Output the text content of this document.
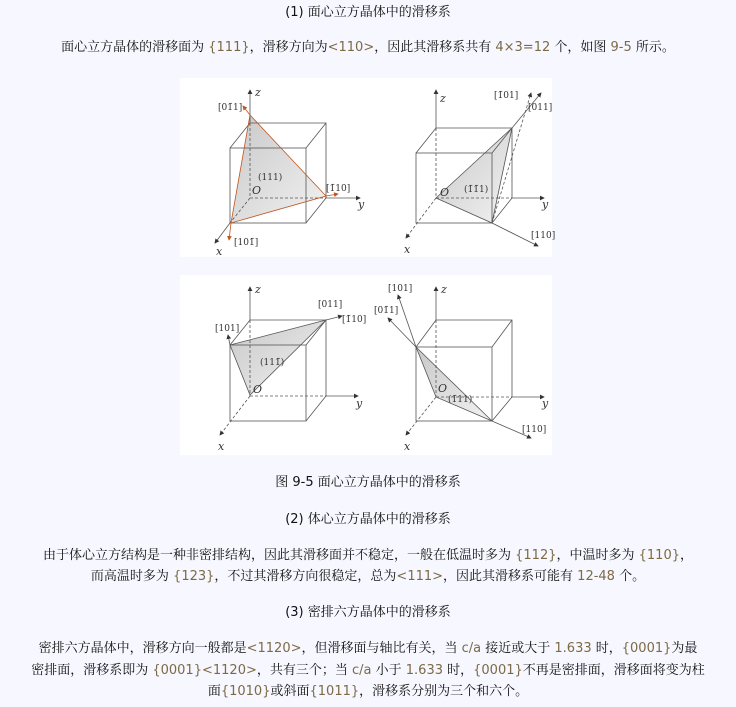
(1) 面心立方晶体中的滑移系
面心立方晶体的滑移面为 {111}，滑移方向为<110>，因此其滑移系共有 4×3=12 个，如图 9-5 所示。
(111)
[01̄1]
[1̄10]
[101̄]
x
y
z
O	(1̄1̄1)
[1̄01]
[011]
[110]
x
y
z
O
(111̄)
[101]
[011]
[1̄10]
x
y
z
O
(1̄11)
[101]
[01̄1]
[110]
x
y
z
O
图 9-5 面心立方晶体中的滑移系
(2) 体心立方晶体中的滑移系
由于体心立方结构是一种非密排结构，因此其滑移面并不稳定，一般在低温时多为 {112}，中温时多为 {110}，
而高温时多为 {123}，不过其滑移方向很稳定，总为<111>，因此其滑移系可能有 12-48 个。
(3) 密排六方晶体中的滑移系
密排六方晶体中，滑移方向一般都是<1120>，但滑移面与轴比有关，当 c/a 接近或大于 1.633 时，{0001}为最
密排面，滑移系即为 {0001}<1120>，共有三个；当 c/a 小于 1.633 时，{0001}不再是密排面，滑移面将变为柱
面{1010}或斜面{1011}，滑移系分别为三个和六个。
